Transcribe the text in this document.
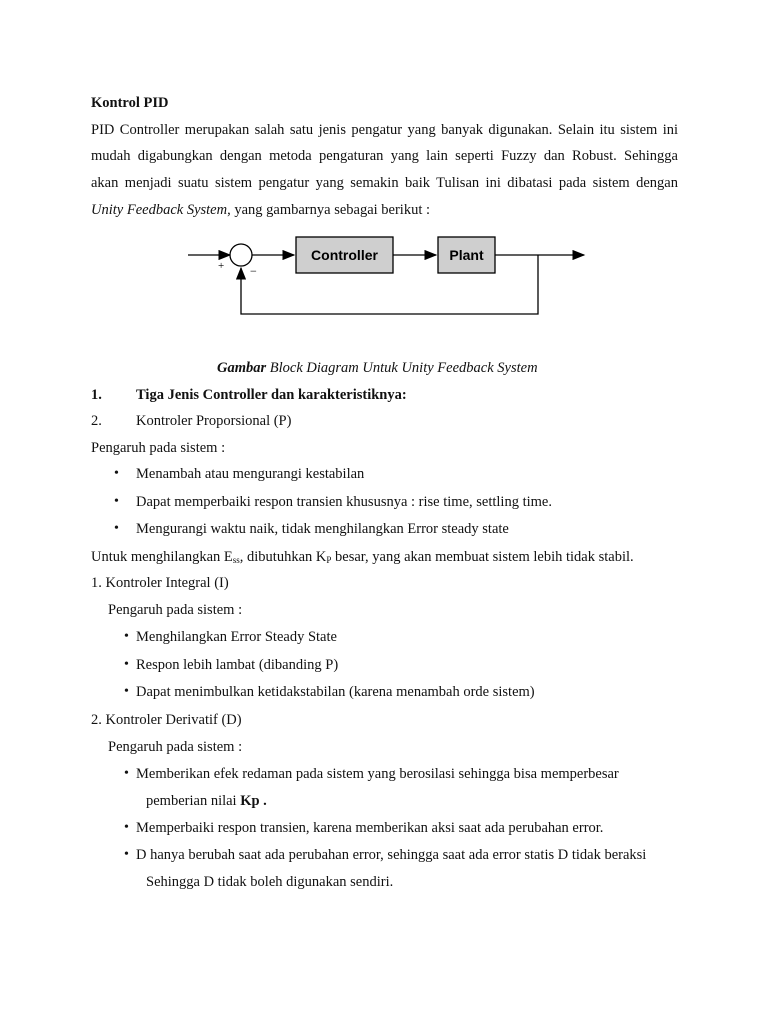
Kontrol PID
PID Controller merupakan salah satu jenis pengatur yang banyak digunakan. Selain itu sistem ini
mudah digabungkan dengan metoda pengaturan yang lain seperti Fuzzy dan Robust. Sehingga
akan menjadi suatu sistem pengatur yang semakin baik Tulisan ini dibatasi pada sistem dengan
Unity Feedback System, yang gambarnya sebagai berikut :
+ −
Controller	Plant
Gambar Block Diagram Untuk Unity Feedback System
1. Tiga Jenis Controller dan karakteristiknya:
2. Kontroler Proporsional (P)
Pengaruh pada sistem :
• Menambah atau mengurangi kestabilan
• Dapat memperbaiki respon transien khususnya : rise time, settling time.
• Mengurangi waktu naik, tidak menghilangkan Error steady state
Untuk menghilangkan $E_{ss}$, dibutuhkan $K_P$ besar, yang akan membuat sistem lebih tidak stabil.
1. Kontroler Integral (I)
Pengaruh pada sistem :
• Menghilangkan Error Steady State
• Respon lebih lambat (dibanding P)
• Dapat menimbulkan ketidakstabilan (karena menambah orde sistem)
2. Kontroler Derivatif (D)
Pengaruh pada sistem :
• Memberikan efek redaman pada sistem yang berosilasi sehingga bisa memperbesar
pemberian nilai Kp .
• Memperbaiki respon transien, karena memberikan aksi saat ada perubahan error.
• D hanya berubah saat ada perubahan error, sehingga saat ada error statis D tidak beraksi
Sehingga D tidak boleh digunakan sendiri.
